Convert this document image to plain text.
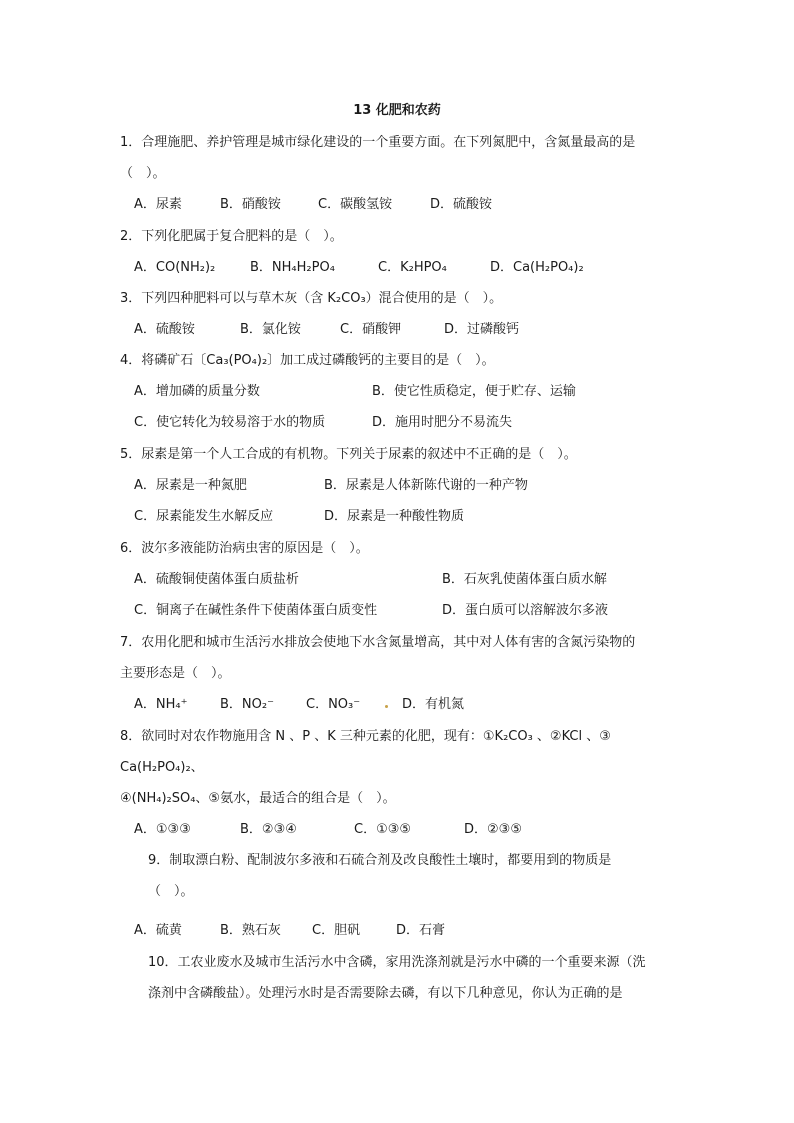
13 化肥和农药
1．合理施肥、养护管理是城市绿化建设的一个重要方面。在下列氮肥中，含氮量最高的是
（　）。
A．尿素	B．硝酸铵	C．碳酸氢铵	D．硫酸铵
2．下列化肥属于复合肥料的是（　）。
A．CO(NH₂)₂	B．NH₄H₂PO₄	C．K₂HPO₄	D．Ca(H₂PO₄)₂
3．下列四种肥料可以与草木灰（含 K₂CO₃）混合使用的是（　）。
A．硫酸铵	B．氯化铵	C．硝酸钾	D．过磷酸钙
4．将磷矿石〔Ca₃(PO₄)₂〕加工成过磷酸钙的主要目的是（　）。
A．增加磷的质量分数	B．使它性质稳定，便于贮存、运输
C．使它转化为较易溶于水的物质	D．施用时肥分不易流失
5．尿素是第一个人工合成的有机物。下列关于尿素的叙述中不正确的是（　）。
A．尿素是一种氮肥	B．尿素是人体新陈代谢的一种产物
C．尿素能发生水解反应	D．尿素是一种酸性物质
6．波尔多液能防治病虫害的原因是（　）。
A．硫酸铜使菌体蛋白质盐析	B．石灰乳使菌体蛋白质水解
C．铜离子在碱性条件下使菌体蛋白质变性	D．蛋白质可以溶解波尔多液
7．农用化肥和城市生活污水排放会使地下水含氮量增高，其中对人体有害的含氮污染物的
主要形态是（　）。
A．NH₄⁺	B．NO₂⁻ C．NO₃⁻	D．有机氮
8．欲同时对农作物施用含 N 、P 、K 三种元素的化肥，现有：①K₂CO₃ 、②KCl 、③
Ca(H₂PO₄)₂、
④(NH₄)₂SO₄、⑤氨水，最适合的组合是（　）。
A．①③③	B．②③④	C．①③⑤	D．②③⑤
9．制取漂白粉、配制波尔多液和石硫合剂及改良酸性土壤时，都要用到的物质是
（　）。
A．硫黄	B．熟石灰 C．胆矾	D．石膏
10．工农业废水及城市生活污水中含磷，家用洗涤剂就是污水中磷的一个重要来源（洗
涤剂中含磷酸盐）。处理污水时是否需要除去磷，有以下几种意见，你认为正确的是
